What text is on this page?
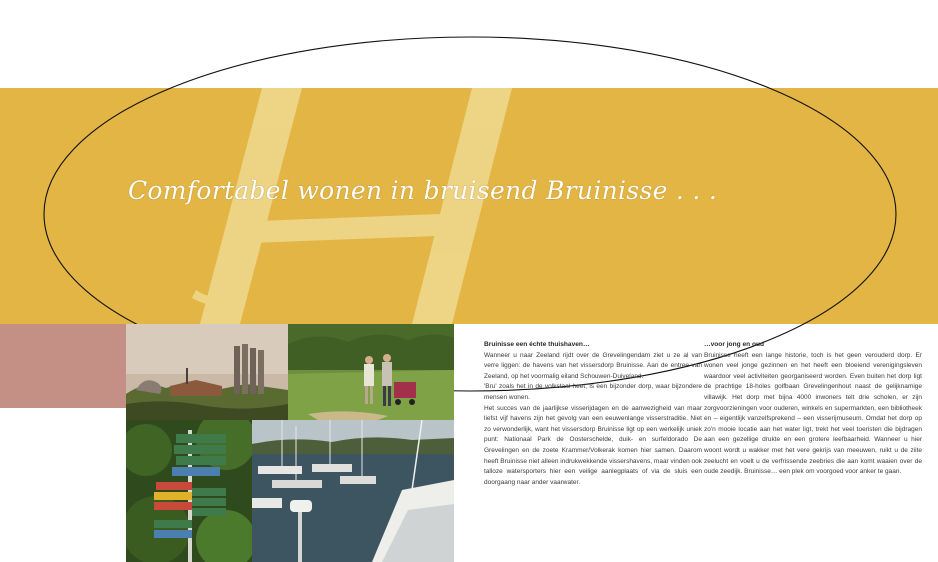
Comfortabel wonen in bruisend Bruinisse . . .
Bruinisse een échte thuishaven…

Wanneer u naar Zeeland rijdt over de Grevelingendam ziet u ze al van verre liggen: de havens van het vissersdorp Bruinisse. Aan de entree van Zeeland, op het voormalig eiland Schouwen-Duiveland.

'Bru' zoals het in de volkstaal heet, is een bijzonder dorp, waar bijzondere mensen wonen.

Het succes van de jaarlijkse visserijdagen en de aanwezigheid van maar liefst vijf havens zijn het gevolg van een eeuwenlange visserstraditie. Niet zo verwonderlijk, want het vissersdorp Bruinisse ligt op een werkelijk uniek punt: Nationaal Park de Oosterschelde, duik- en surfeldorado De Grevelingen en de zoete Krammer/Volkerak komen hier samen. Daarom heeft Bruinisse niet alleen indrukwekkende vissershavens, maar vinden ook talloze watersporters hier een veilige aanlegplaats of via de sluis een doorgaang naar ander vaarwater.

…voor jong en oud

Bruinisse heeft een lange historie, toch is het geen verouderd dorp. Er wonen veel jonge gezinnen en het heeft een bloeiend verenigingsleven waardoor veel activiteiten georganiseerd worden. Even buiten het dorp ligt de prachtige 18-holes golfbaan Grevelingenhout naast de gelijknamige villawijk. Het dorp met bijna 4000 inwoners telt drie scholen, er zijn zorgvoorzieningen voor ouderen, winkels en supermarkten, een bibliotheek en – eigentlijk vanzelfsprekend – een visserijmuseum. Omdat het dorp op zo'n mooie locatie aan het water ligt, trekt het veel toeristen die bijdragen aan een gezellige drukte en een grotere leefbaarheid. Wanneer u hier woont wordt u wakker met het vere gekrijs van meeuwen, ruikt u de ziite zeelucht en voelt u de verfrissende zeebries die aan komt waaien over de oude zeedijk. Bruinisse… een plek om voorgoed voor anker te gaan.
